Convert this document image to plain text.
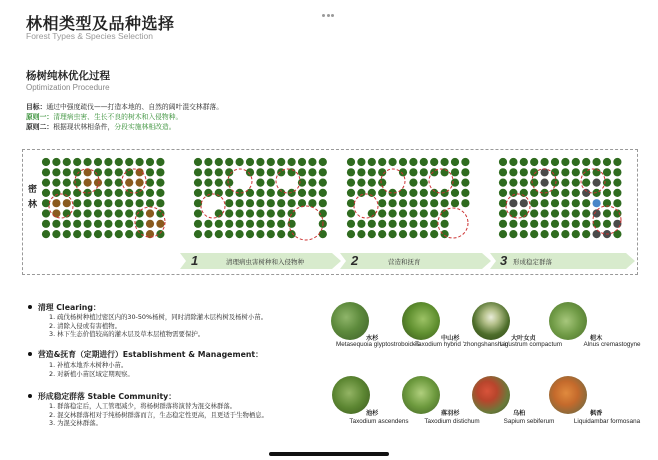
林相类型及品种选择
Forest Types & Species Selection
杨树纯林优化过程
Optimization Procedure
目标：通过中强度疏伐——打造本地的、自然的阔叶混交林群落。
原则一：清理病虫害、生长不良的树木和入侵物种。
原则二：根据现状林相条件，分段实施林相改造。
密林
1	清理病虫害树种和入侵物种	2	营造和抚育	3 形成稳定群落
清理 Clearing：
1. 疏伐杨树种植过密区内的30-50%杨树，同时清除灌木层构树及杨树小苗。
2. 清除入侵或有害植物。
3. 林下生态价值较高的灌木层及草本层植物需要保护。
营造&抚育（定期进行）Establishment & Management：
1. 补植本地乔木树种小苗。
2. 对新植小苗区域定期观察。
形成稳定群落 Stable Community：
1. 群落稳定后，人工管理减少，将杨树群落将演替为混交林群落。
2. 混交林群落相对于纯杨树群落而言，生态稳定性更高，且更适于生物栖息。
3. 为混交林群落。
水杉
Metasequoia glyptostroboides
中山杉
Taxodium hybrid 'zhongshanshan'
大叶女贞
Ligustrum compactum
桤木
Alnus cremastogyne
池杉
Taxodium ascendens
落羽杉
Taxodium distichum
乌桕
Sapium sebiferum
枫香
Liquidambar formosana
